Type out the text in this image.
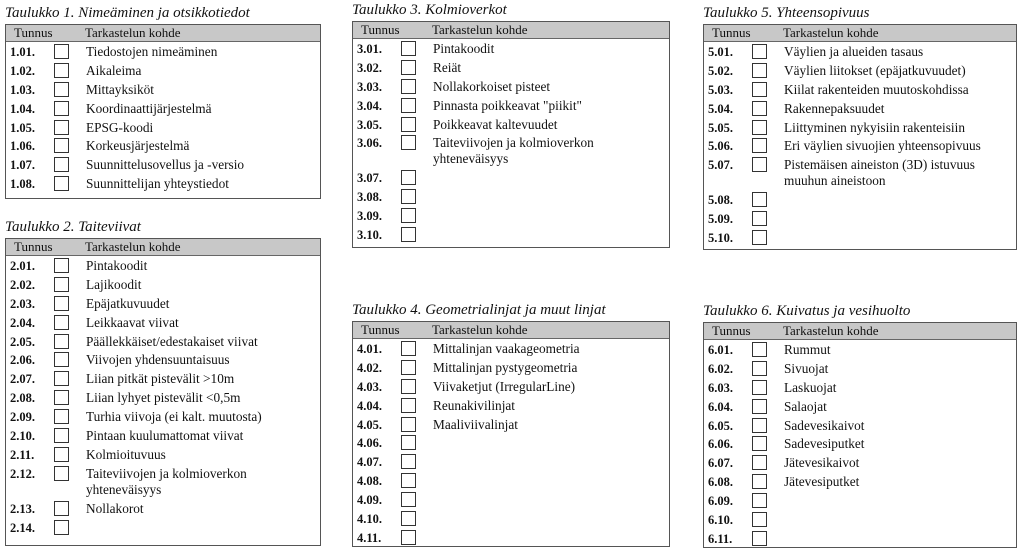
Taulukko 1. Nimeäminen ja otsikkotiedot
Tunnus	Tarkastelun kohde
1.01.	Tiedostojen nimeäminen
1.02.	Aikaleima
1.03.	Mittayksiköt
1.04.	Koordinaattijärjestelmä
1.05.	EPSG-koodi
1.06.	Korkeusjärjestelmä
1.07.	Suunnittelusovellus ja -versio
1.08.	Suunnittelijan yhteystiedot
Taulukko 2. Taiteviivat
Tunnus	Tarkastelun kohde
2.01.	Pintakoodit
2.02.	Lajikoodit
2.03.	Epäjatkuvuudet
2.04.	Leikkaavat viivat
2.05.	Päällekkäiset/edestakaiset viivat
2.06.	Viivojen yhdensuuntaisuus
2.07.	Liian pitkät pistevälit >10m
2.08.	Liian lyhyet pistevälit <0,5m
2.09.	Turhia viivoja (ei kalt. muutosta)
2.10.	Pintaan kuulumattomat viivat
2.11.	Kolmioituvuus
2.12.	Taiteviivojen ja kolmioverkon yhteneväisyys
2.13.	Nollakorot
2.14.
Taulukko 3. Kolmioverkot
Tunnus	Tarkastelun kohde
3.01.	Pintakoodit
3.02.	Reiät
3.03.	Nollakorkoiset pisteet
3.04.	Pinnasta poikkeavat "piikit"
3.05.	Poikkeavat kaltevuudet
3.06.	Taiteviivojen ja kolmioverkon yhteneväisyys
3.07.
3.08.
3.09.
3.10.
Taulukko 4. Geometrialinjat ja muut linjat
Tunnus	Tarkastelun kohde
4.01.	Mittalinjan vaakageometria
4.02.	Mittalinjan pystygeometria
4.03.	Viivaketjut (IrregularLine)
4.04.	Reunakivilinjat
4.05.	Maaliviivalinjat
4.06.
4.07.
4.08.
4.09.
4.10.
4.11.
Taulukko 5. Yhteensopivuus
Tunnus	Tarkastelun kohde
5.01.	Väylien ja alueiden tasaus
5.02.	Väylien liitokset (epäjatkuvuudet)
5.03.	Kiilat rakenteiden muutoskohdissa
5.04.	Rakennepaksuudet
5.05.	Liittyminen nykyisiin rakenteisiin
5.06.	Eri väylien sivuojien yhteensopivuus
5.07.	Pistemäisen aineiston (3D) istuvuus muuhun aineistoon
5.08.
5.09.
5.10.
Taulukko 6. Kuivatus ja vesihuolto
Tunnus	Tarkastelun kohde
6.01.	Rummut
6.02.	Sivuojat
6.03.	Laskuojat
6.04.	Salaojat
6.05.	Sadevesikaivot
6.06.	Sadevesiputket
6.07.	Jätevesikaivot
6.08.	Jätevesiputket
6.09.
6.10.
6.11.
